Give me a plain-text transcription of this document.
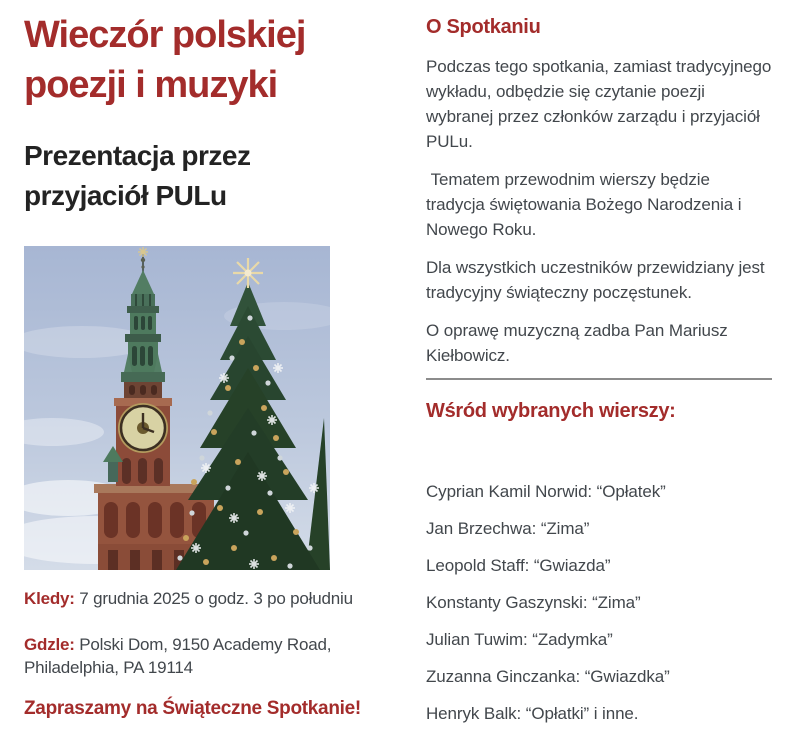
Wieczór polskiej
poezji i muzyki
Prezentacja przez
przyjaciół PULu

Kledy: 7 grudnia 2025 o godz. 3 po południu

Gdzle: Polski Dom, 9150 Academy Road, Philadelphia, PA 19114

Zapraszamy na Świąteczne Spotkanie!

O Spotkaniu

Podczas tego spotkania, zamiast tradycyjnego wykładu, odbędzie się czytanie poezji wybranej przez członków zarządu i przyjaciół PULu.

Tematem przewodnim wierszy będzie tradycja świętowania Bożego Narodzenia i Nowego Roku.

Dla wszystkich uczestników przewidziany jest tradycyjny świąteczny poczęstunek.

O oprawę muzyczną zadba Pan Mariusz Kiełbowicz.

Wśród wybranych wierszy:

Cyprian Kamil Norwid: “Opłatek”

Jan Brzechwa: “Zima”

Leopold Staff: “Gwiazda”

Konstanty Gaszynski: “Zima”

Julian Tuwim: “Zadymka”

Zuzanna Ginczanka: “Gwiazdka”

Henryk Balk: “Opłatki” i inne.
